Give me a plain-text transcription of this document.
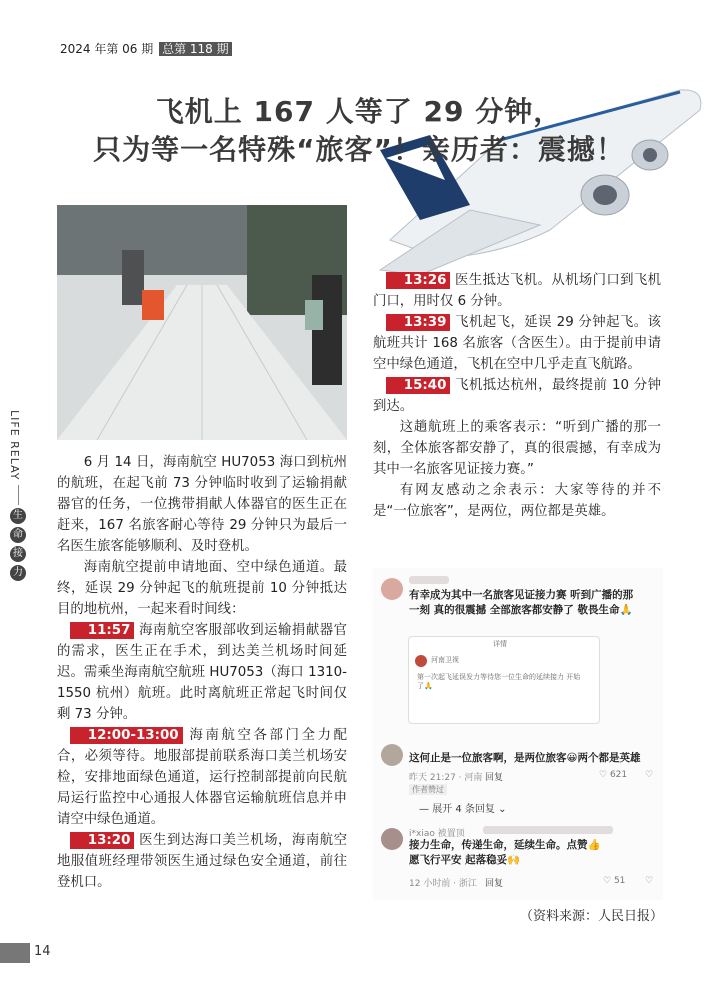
2024 年第 06 期 总第 118 期
飞机上 167 人等了 29 分钟，
只为等一名特殊“旅客”！亲历者：震撼！
LIFE RELAY
生
命
接
力

6 月 14 日，海南航空 HU7053 海口到杭州的航班，在起飞前 73 分钟临时收到了运输捐献器官的任务，一位携带捐献人体器官的医生正在赶来，167 名旅客耐心等待 29 分钟只为最后一名医生旅客能够顺利、及时登机。

海南航空提前申请地面、空中绿色通道。最终，延误 29 分钟起飞的航班提前 10 分钟抵达目的地杭州，一起来看时间线：

11:57 海南航空客服部收到运输捐献器官的需求，医生正在手术，到达美兰机场时间延迟。需乘坐海南航空航班 HU7053（海口 1310-1550 杭州）航班。此时离航班正常起飞时间仅剩 73 分钟。

12:00-13:00 海南航空各部门全力配合，必须等待。地服部提前联系海口美兰机场安检，安排地面绿色通道，运行控制部提前向民航局运行监控中心通报人体器官运输航班信息并申请空中绿色通道。

13:20 医生到达海口美兰机场，海南航空地服值班经理带领医生通过绿色安全通道，前往登机口。

13:26 医生抵达飞机。从机场门口到飞机门口，用时仅 6 分钟。

13:39 飞机起飞，延误 29 分钟起飞。该航班共计 168 名旅客（含医生）。由于提前申请空中绿色通道，飞机在空中几乎走直飞航路。

15:40 飞机抵达杭州，最终提前 10 分钟到达。

这趟航班上的乘客表示：“听到广播的那一刻，全体旅客都安静了，真的很震撼，有幸成为其中一名旅客见证接力赛。”

有网友感动之余表示：大家等待的并不是“一位旅客”，是两位，两位都是英雄。

有幸成为其中一名旅客见证接力赛 听到广播的那一刻 真的很震撼 全部旅客都安静了 敬畏生命🙏
详情
河南卫视
第一次起飞延误发力等待您一位生命的延续接力 开始了🙏
这何止是一位旅客啊，是两位旅客😀两个都是英雄
昨天 21:27 · 河南 回复	♡ 621 ♡
作者赞过
— 展开 4 条回复 ⌄
i*xiao 被置顶
接力生命，传递生命，延续生命。点赞👍 愿飞行平安 起落稳妥🙌
12 小时前 · 浙江 回复	♡ 51 ♡
（资料来源：人民日报）
14
